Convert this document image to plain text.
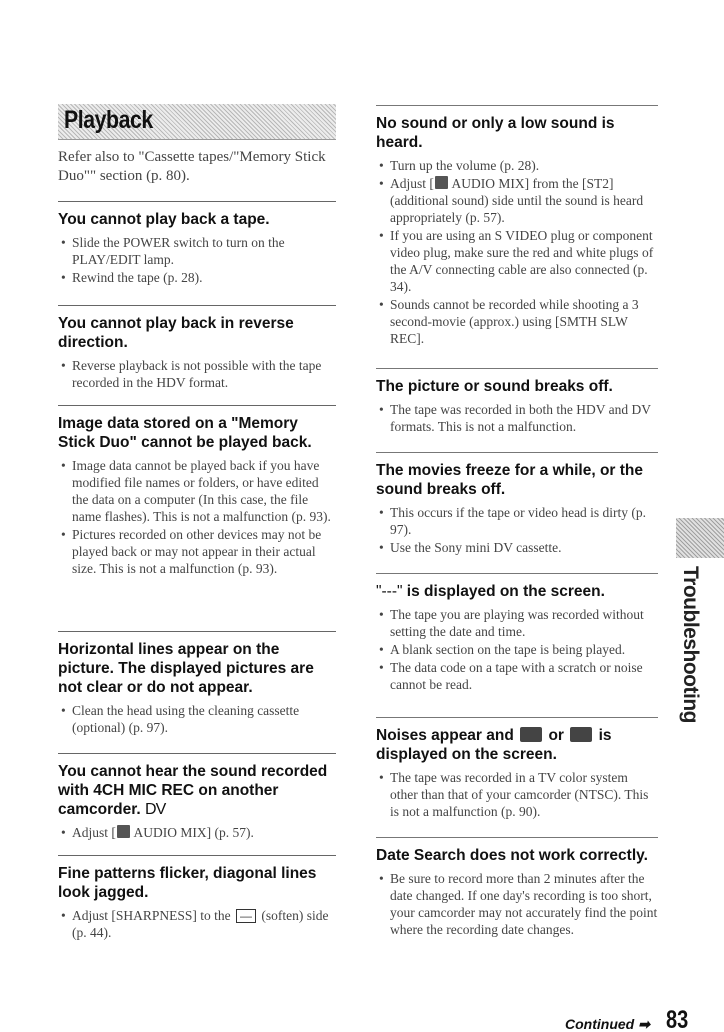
Playback

Refer also to "Cassette tapes/"Memory Stick Duo"" section (p. 80).

You cannot play back a tape.
• Slide the POWER switch to turn on the PLAY/EDIT lamp.
• Rewind the tape (p. 28).
You cannot play back in reverse direction.
• Reverse playback is not possible with the tape recorded in the HDV format.
Image data stored on a "Memory Stick Duo" cannot be played back.
• Image data cannot be played back if you have modified file names or folders, or have edited the data on a computer (In this case, the file name flashes). This is not a malfunction (p. 93).
• Pictures recorded on other devices may not be played back or may not appear in their actual size. This is not a malfunction (p. 93).
Horizontal lines appear on the picture. The displayed pictures are not clear or do not appear.
• Clean the head using the cleaning cassette (optional) (p. 97).
You cannot hear the sound recorded with 4CH MIC REC on another camcorder. DV
• Adjust [ AUDIO MIX] (p. 57).
Fine patterns flicker, diagonal lines look jagged.
• Adjust [SHARPNESS] to the — (soften) side (p. 44).
No sound or only a low sound is heard.
• Turn up the volume (p. 28).
• Adjust [ AUDIO MIX] from the [ST2] (additional sound) side until the sound is heard appropriately (p. 57).
• If you are using an S VIDEO plug or component video plug, make sure the red and white plugs of the A/V connecting cable are also connected (p. 34).
• Sounds cannot be recorded while shooting a 3 second-movie (approx.) using [SMTH SLW REC].
The picture or sound breaks off.
• The tape was recorded in both the HDV and DV formats. This is not a malfunction.
The movies freeze for a while, or the sound breaks off.
• This occurs if the tape or video head is dirty (p. 97).
• Use the Sony mini DV cassette.
"---" is displayed on the screen.
• The tape you are playing was recorded without setting the date and time.
• A blank section on the tape is being played.
• The data code on a tape with a scratch or noise cannot be read.
Noises appear and  or  is displayed on the screen.
• The tape was recorded in a TV color system other than that of your camcorder (NTSC). This is not a malfunction (p. 90).
Date Search does not work correctly.
• Be sure to record more than 2 minutes after the date changed. If one day's recording is too short, your camcorder may not accurately find the point where the recording date changes.
Troubleshooting
Continued ➡ 83
